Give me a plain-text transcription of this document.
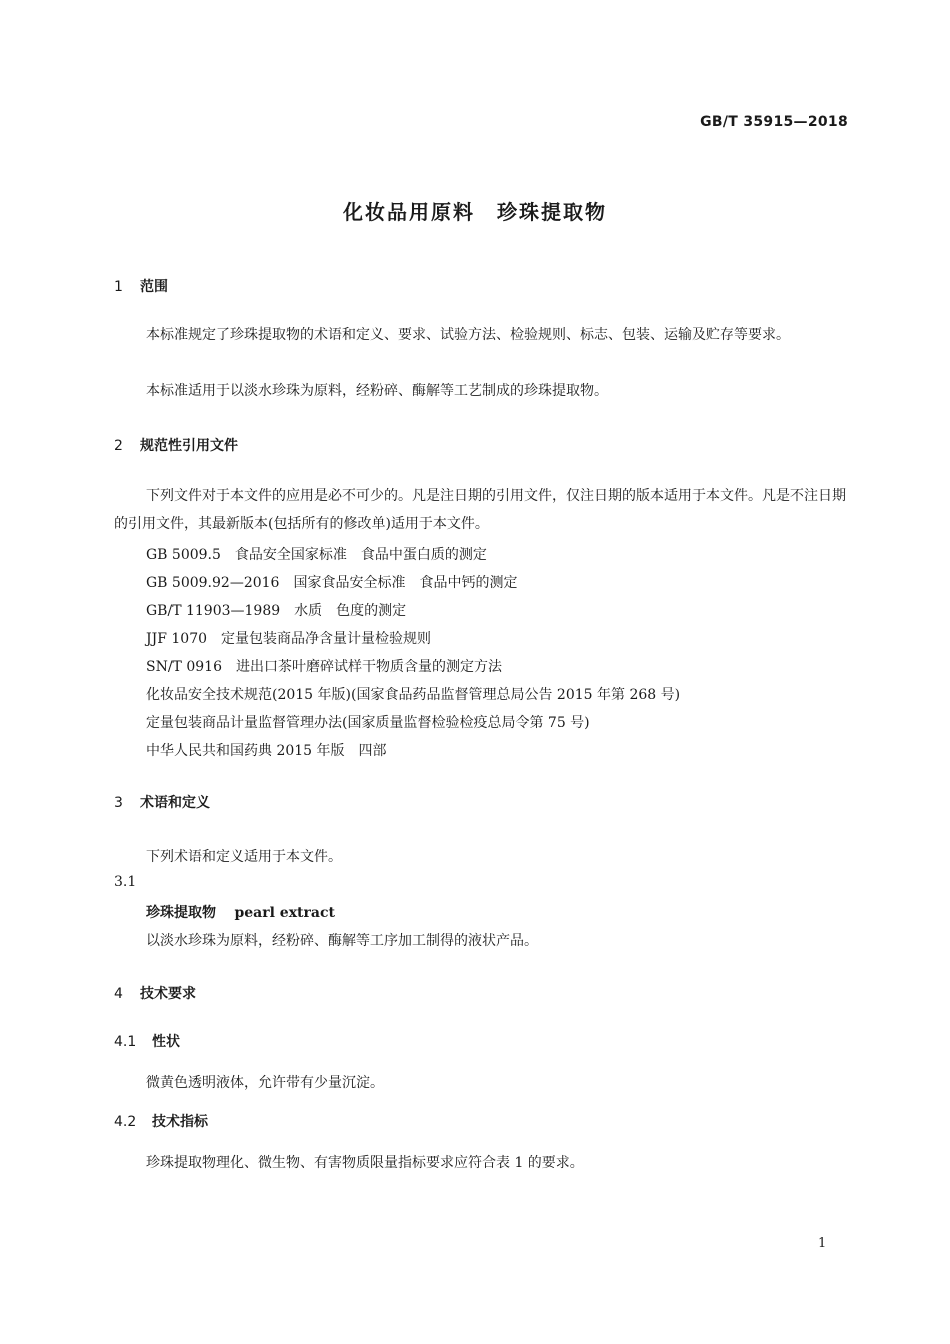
GB/T 35915—2018
化妆品用原料　珍珠提取物
1 范围
本标准规定了珍珠提取物的术语和定义、要求、试验方法、检验规则、标志、包装、运输及贮存等要求。
本标准适用于以淡水珍珠为原料，经粉碎、酶解等工艺制成的珍珠提取物。
2 规范性引用文件
下列文件对于本文件的应用是必不可少的。凡是注日期的引用文件，仅注日期的版本适用于本文件。凡是不注日期的引用文件，其最新版本(包括所有的修改单)适用于本文件。
GB 5009.5　食品安全国家标准　食品中蛋白质的测定
GB 5009.92—2016　国家食品安全标准　食品中钙的测定
GB/T 11903—1989　水质　色度的测定
JJF 1070　定量包装商品净含量计量检验规则
SN/T 0916　进出口茶叶磨碎试样干物质含量的测定方法
化妆品安全技术规范(2015 年版)(国家食品药品监督管理总局公告 2015 年第 268 号)
定量包装商品计量监督管理办法(国家质量监督检验检疫总局令第 75 号)
中华人民共和国药典 2015 年版　四部
3 术语和定义
下列术语和定义适用于本文件。
3.1
珍珠提取物　 pearl extract
以淡水珍珠为原料，经粉碎、酶解等工序加工制得的液状产品。
4 技术要求
4.1 性状
微黄色透明液体，允许带有少量沉淀。
4.2 技术指标
珍珠提取物理化、微生物、有害物质限量指标要求应符合表 1 的要求。
1
